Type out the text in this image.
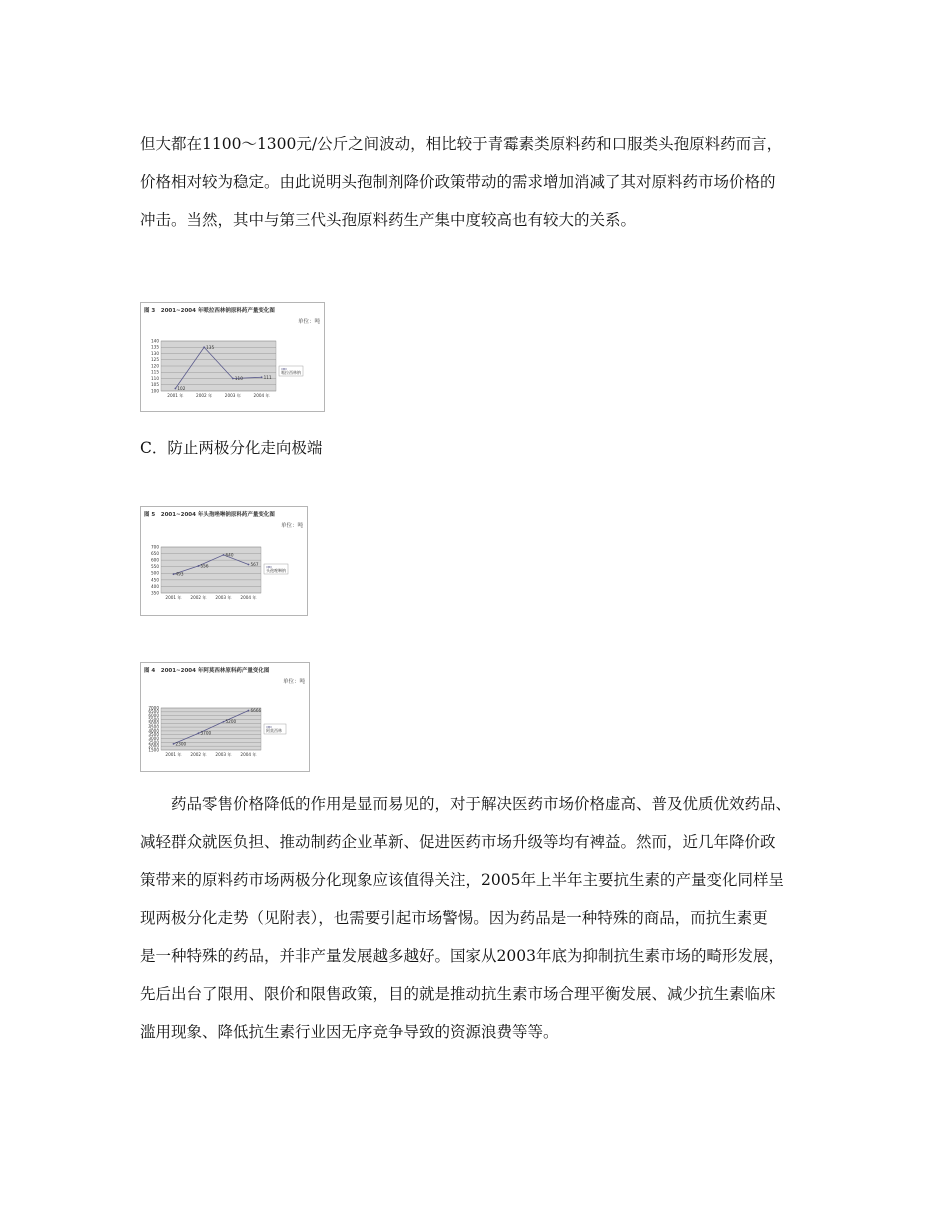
但大都在1100～1300元/公斤之间波动，相比较于青霉素类原料药和口服类头孢原料药而言，
价格相对较为稳定。由此说明头孢制剂降价政策带动的需求增加消减了其对原料药市场价格的
冲击。当然，其中与第三代头孢原料药生产集中度较高也有较大的关系。
图 3　2001~2004 年哌拉西林钠原料药产量变化图
单位：吨
140
135
130
125
120
115
110
105
100
2001 年	2002 年	2003 年	2004 年
102
135
110	111
哌拉西林钠
C．防止两极分化走向极端
图 5　2001~2004 年头孢唑啉钠原料药产量变化图
单位：吨
700
650
600
550
500
450
400
350
2001 年 2002 年 2003 年 2004 年
493
556
640
567
头孢唑啉钠
图 4　2001~2004 年阿莫西林原料药产量变化图
单位：吨
7000
6500
6000
5500
5000
4500
4000
3500
3000
2500
2000
1500
2001 年 2002 年 2003 年 2004 年
2300
3700
5200
6666
阿莫西林
　　药品零售价格降低的作用是显而易见的，对于解决医药市场价格虚高、普及优质优效药品、
减轻群众就医负担、推动制药企业革新、促进医药市场升级等均有裨益。然而，近几年降价政
策带来的原料药市场两极分化现象应该值得关注，2005年上半年主要抗生素的产量变化同样呈
现两极分化走势（见附表），也需要引起市场警惕。因为药品是一种特殊的商品，而抗生素更
是一种特殊的药品，并非产量发展越多越好。国家从2003年底为抑制抗生素市场的畸形发展，
先后出台了限用、限价和限售政策，目的就是推动抗生素市场合理平衡发展、减少抗生素临床
滥用现象、降低抗生素行业因无序竞争导致的资源浪费等等。
